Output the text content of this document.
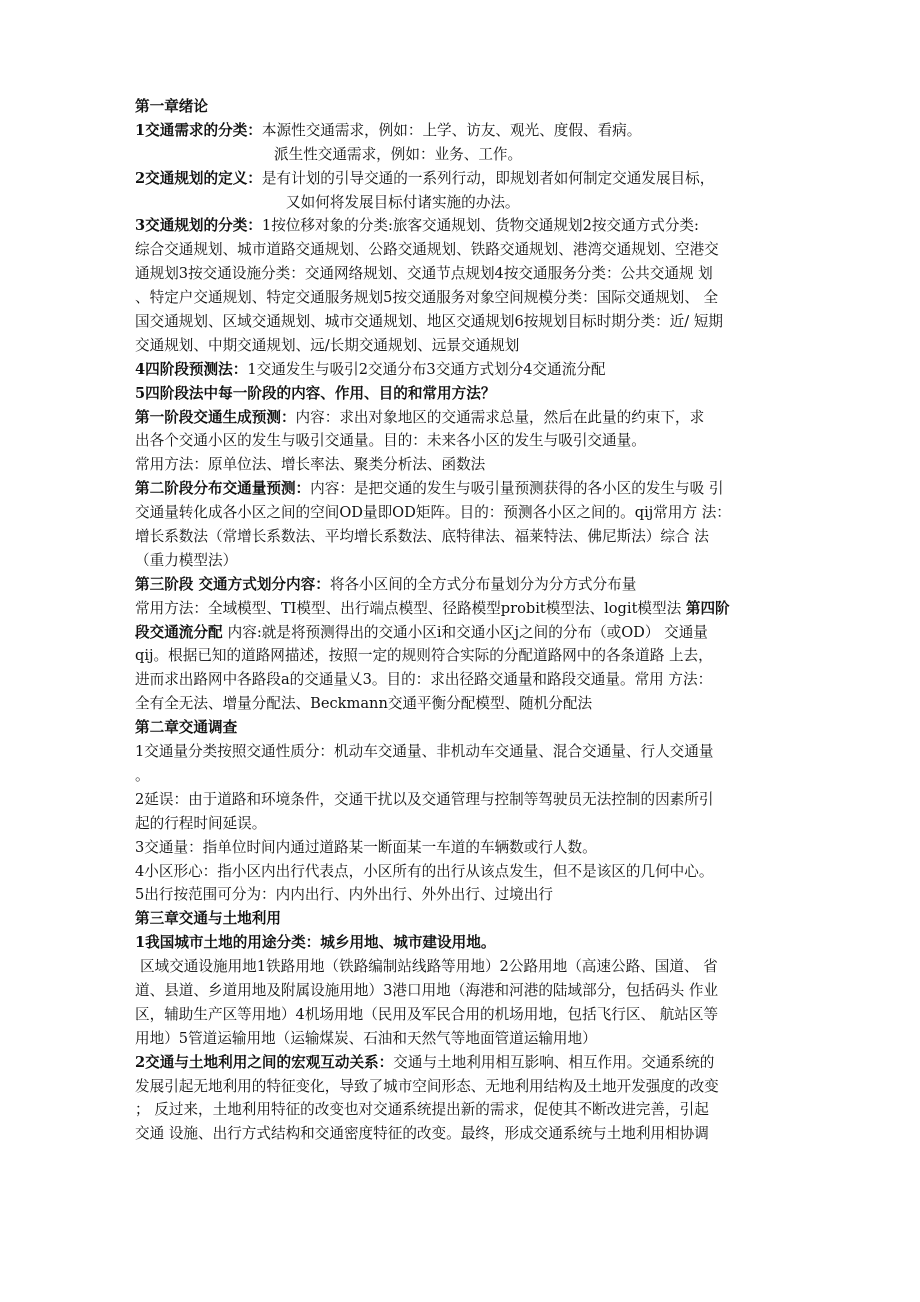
第一章绪论
1交通需求的分类：本源性交通需求，例如：上学、访友、观光、度假、看病。
派生性交通需求，例如：业务、工作。
2交通规划的定义：是有计划的引导交通的一系列行动，即规划者如何制定交通发展目标，
又如何将发展目标付诸实施的办法。
3交通规划的分类：1按位移对象的分类:旅客交通规划、货物交通规划2按交通方式分类:
综合交通规划、城市道路交通规划、公路交通规划、铁路交通规划、港湾交通规划、空港交
通规划3按交通设施分类：交通网络规划、交通节点规划4按交通服务分类：公共交通规 划
、特定户交通规划、特定交通服务规划5按交通服务对象空间规模分类：国际交通规划、 全
国交通规划、区域交通规划、城市交通规划、地区交通规划6按规划目标时期分类：近/ 短期
交通规划、中期交通规划、远/长期交通规划、远景交通规划
4四阶段预测法：1交通发生与吸引2交通分布3交通方式划分4交通流分配
5四阶段法中每一阶段的内容、作用、目的和常用方法？
第一阶段交通生成预测：内容：求出对象地区的交通需求总量，然后在此量的约束下，求
出各个交通小区的发生与吸引交通量。目的：未来各小区的发生与吸引交通量。
常用方法：原单位法、增长率法、聚类分析法、函数法
第二阶段分布交通量预测：内容：是把交通的发生与吸引量预测获得的各小区的发生与吸 引
交通量转化成各小区之间的空间OD量即OD矩阵。目的：预测各小区之间的。qij常用方 法：
增长系数法（常增长系数法、平均增长系数法、底特律法、福莱特法、佛尼斯法）综合 法
（重力模型法）
第三阶段 交通方式划分内容：将各小区间的全方式分布量划分为分方式分布量
常用方法：全域模型、TI模型、出行端点模型、径路模型probit模型法、logit模型法 第四阶
段交通流分配 内容:就是将预测得出的交通小区i和交通小区j之间的分布（或OD） 交通量
qij。根据已知的道路网描述，按照一定的规则符合实际的分配道路网中的各条道路 上去，
进而求出路网中各路段a的交通量乂3。目的：求出径路交通量和路段交通量。常用 方法：
全有全无法、增量分配法、Beckmann交通平衡分配模型、随机分配法
第二章交通调查
1交通量分类按照交通性质分：机动车交通量、非机动车交通量、混合交通量、行人交通量
。
2延误：由于道路和环境条件，交通干扰以及交通管理与控制等驾驶员无法控制的因素所引
起的行程时间延误。
3交通量：指单位时间内通过道路某一断面某一车道的车辆数或行人数。
4小区形心：指小区内出行代表点，小区所有的出行从该点发生，但不是该区的几何中心。
5出行按范围可分为：内内出行、内外出行、外外出行、过境出行
第三章交通与土地利用
1我国城市土地的用途分类：城乡用地、城市建设用地。
区域交通设施用地1铁路用地（铁路编制站线路等用地）2公路用地（高速公路、国道、 省
道、县道、乡道用地及附属设施用地）3港口用地（海港和河港的陆域部分，包括码头 作业
区，辅助生产区等用地）4机场用地（民用及军民合用的机场用地，包括飞行区、 航站区等
用地）5管道运输用地（运输煤炭、石油和天然气等地面管道运输用地）
2交通与土地利用之间的宏观互动关系：交通与土地利用相互影响、相互作用。交通系统的
发展引起无地利用的特征变化，导致了城市空间形态、无地利用结构及土地开发强度的改变
； 反过来，土地利用特征的改变也对交通系统提出新的需求，促使其不断改进完善，引起
交通 设施、出行方式结构和交通密度特征的改变。最终，形成交通系统与土地利用相协调
